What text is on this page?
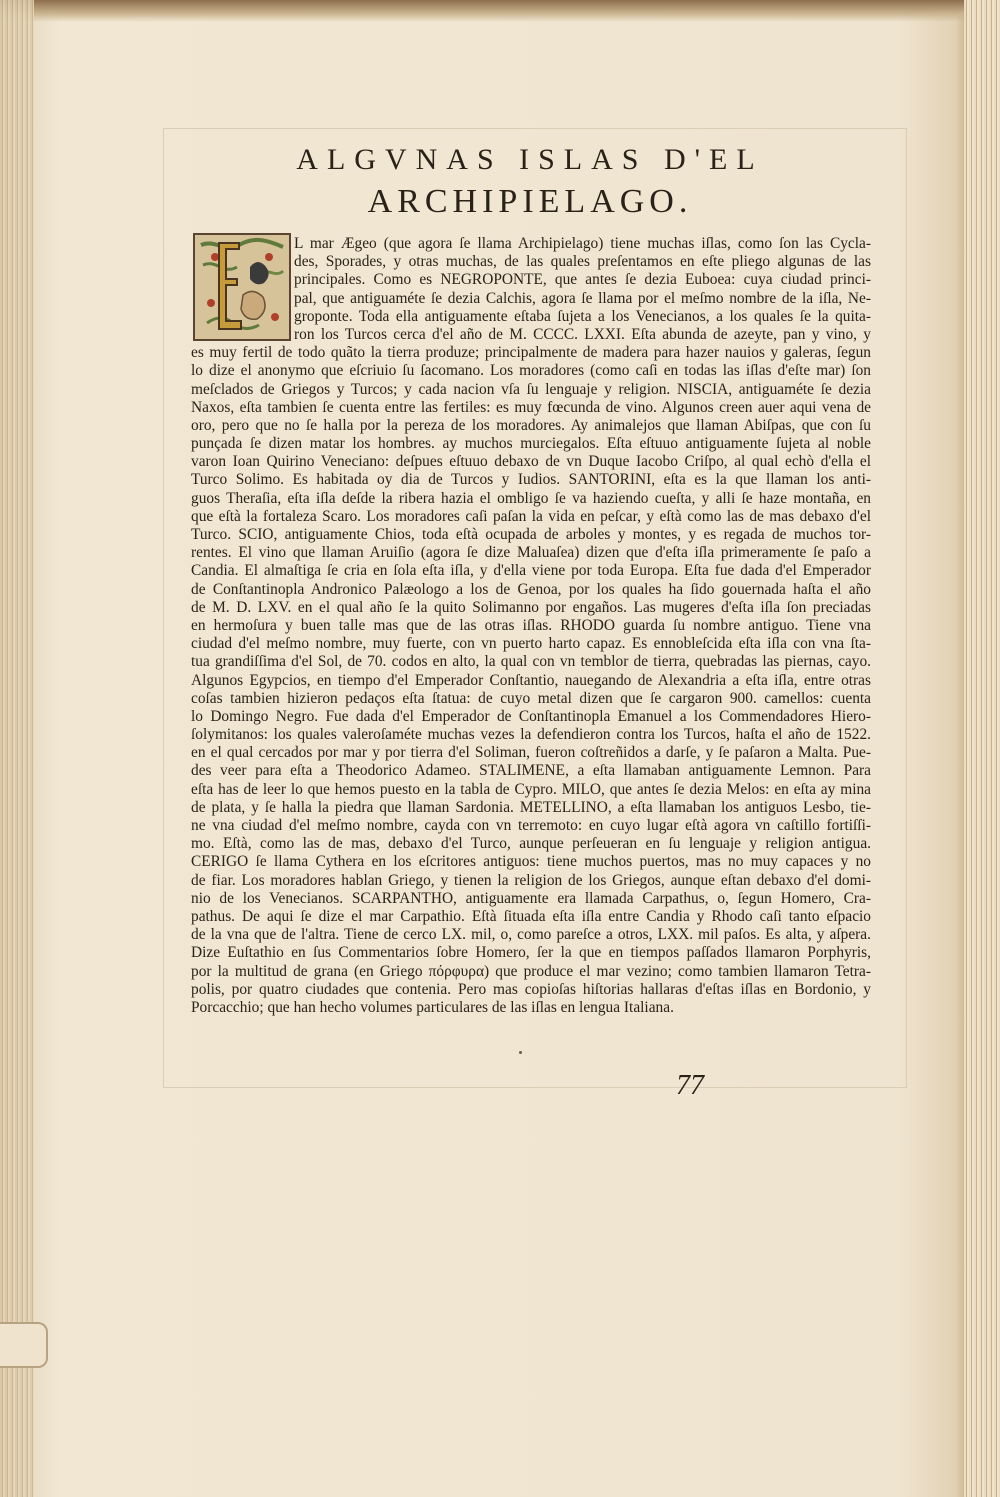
ALGVNAS ISLAS D'EL
ARCHIPIELAGO.
L mar Ægeo (que agora ſe llama Archipielago) tiene muchas iſlas, como ſon las Cycla-
des, Sporades, y otras muchas, de las quales preſentamos en eſte pliego algunas de las
principales. Como es NEGROPONTE, que antes ſe dezia Euboea: cuya ciudad princi-
pal, que antiguaméte ſe dezia Calchis, agora ſe llama por el meſmo nombre de la iſla, Ne-
groponte. Toda ella antiguamente eſtaba ſujeta a los Venecianos, a los quales ſe la quita-
ron los Turcos cerca d'el año de M. CCCC. LXXI. Eſta abunda de azeyte, pan y vino, y
es muy fertil de todo quãto la tierra produze; principalmente de madera para hazer nauios y galeras, ſegun
lo dize el anonymo que eſcriuio ſu ſacomano. Los moradores (como caſi en todas las iſlas d'eſte mar) ſon
meſclados de Griegos y Turcos; y cada nacion vſa ſu lenguaje y religion. NISCIA, antiguaméte ſe dezia
Naxos, eſta tambien ſe cuenta entre las fertiles: es muy fœcunda de vino. Algunos creen auer aqui vena de
oro, pero que no ſe halla por la pereza de los moradores. Ay animalejos que llaman Abiſpas, que con ſu
punçada ſe dizen matar los hombres. ay muchos murciegalos. Eſta eſtuuo antiguamente ſujeta al noble
varon Ioan Quirino Veneciano: deſpues eſtuuo debaxo de vn Duque Iacobo Criſpo, al qual echò d'ella el
Turco Solimo. Es habitada oy dia de Turcos y Iudios. SANTORINI, eſta es la que llaman los anti-
guos Theraſia, eſta iſla deſde la ribera hazia el ombligo ſe va haziendo cueſta, y alli ſe haze montaña, en
que eſtà la fortaleza Scaro. Los moradores caſi paſan la vida en peſcar, y eſtà como las de mas debaxo d'el
Turco. SCIO, antiguamente Chios, toda eſtà ocupada de arboles y montes, y es regada de muchos tor-
rentes. El vino que llaman Aruiſio (agora ſe dize Maluaſea) dizen que d'eſta iſla primeramente ſe paſo a
Candia. El almaſtiga ſe cria en ſola eſta iſla, y d'ella viene por toda Europa. Eſta fue dada d'el Emperador
de Conſtantinopla Andronico Palæologo a los de Genoa, por los quales ha ſido gouernada haſta el año
de M. D. LXV. en el qual año ſe la quito Solimanno por engaños. Las mugeres d'eſta iſla ſon preciadas
en hermoſura y buen talle mas que de las otras iſlas. RHODO guarda ſu nombre antiguo. Tiene vna
ciudad d'el meſmo nombre, muy fuerte, con vn puerto harto capaz. Es ennobleſcida eſta iſla con vna ſta-
tua grandiſſima d'el Sol, de 70. codos en alto, la qual con vn temblor de tierra, quebradas las piernas, cayo.
Algunos Egypcios, en tiempo d'el Emperador Conſtantio, nauegando de Alexandria a eſta iſla, entre otras
coſas tambien hizieron pedaços eſta ſtatua: de cuyo metal dizen que ſe cargaron 900. camellos: cuenta
lo Domingo Negro. Fue dada d'el Emperador de Conſtantinopla Emanuel a los Commendadores Hiero-
ſolymitanos: los quales valeroſaméte muchas vezes la defendieron contra los Turcos, haſta el año de 1522.
en el qual cercados por mar y por tierra d'el Soliman, fueron coſtreñidos a darſe, y ſe paſaron a Malta. Pue-
des veer para eſta a Theodorico Adameo. STALIMENE, a eſta llamaban antiguamente Lemnon. Para
eſta has de leer lo que hemos puesto en la tabla de Cypro. MILO, que antes ſe dezia Melos: en eſta ay mina
de plata, y ſe halla la piedra que llaman Sardonia. METELLINO, a eſta llamaban los antiguos Lesbo, tie-
ne vna ciudad d'el meſmo nombre, cayda con vn terremoto: en cuyo lugar eſtà agora vn caſtillo fortiſſi-
mo. Eſtà, como las de mas, debaxo d'el Turco, aunque perſeueran en ſu lenguaje y religion antigua.
CERIGO ſe llama Cythera en los eſcritores antiguos: tiene muchos puertos, mas no muy capaces y no
de fiar. Los moradores hablan Griego, y tienen la religion de los Griegos, aunque eſtan debaxo d'el domi-
nio de los Venecianos. SCARPANTHO, antiguamente era llamada Carpathus, o, ſegun Homero, Cra-
pathus. De aqui ſe dize el mar Carpathio. Eſtà ſituada eſta iſla entre Candia y Rhodo caſi tanto eſpacio
de la vna que de l'altra. Tiene de cerco LX. mil, o, como pareſce a otros, LXX. mil paſos. Es alta, y aſpera.
Dize Euſtathio en ſus Commentarios ſobre Homero, ſer la que en tiempos paſſados llamaron Porphyris,
por la multitud de grana (en Griego πόρφυρα) que produce el mar vezino; como tambien llamaron Tetra-
polis, por quatro ciudades que contenia. Pero mas copioſas hiſtorias hallaras d'eſtas iſlas en Bordonio, y
Porcacchio; que han hecho volumes particulares de las iſlas en lengua Italiana.
77
